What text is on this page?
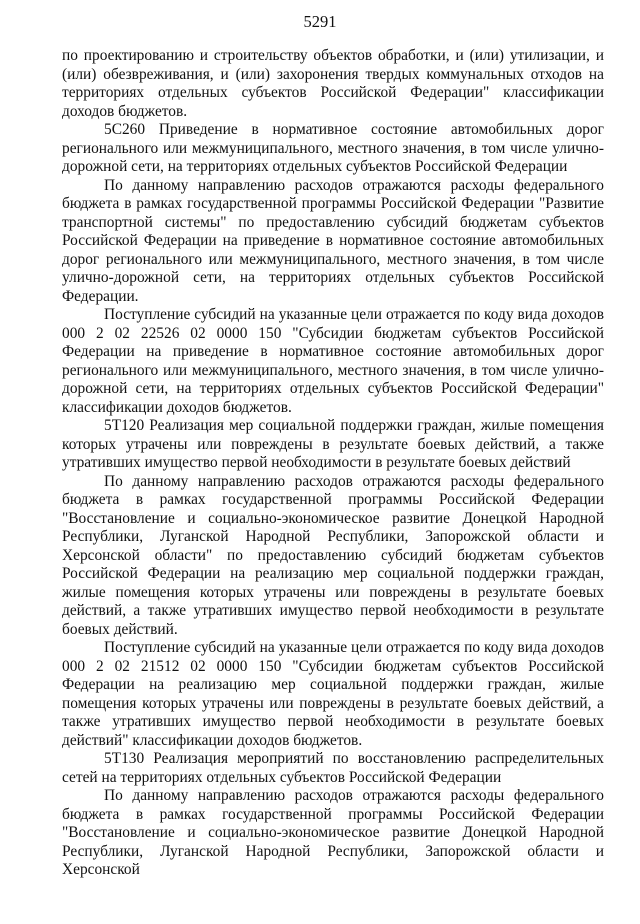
5291

по проектированию и строительству объектов обработки, и (или) утилизации, и (или) обезвреживания, и (или) захоронения твердых коммунальных отходов на территориях отдельных субъектов Российской Федерации" классификации доходов бюджетов.

5С260 Приведение в нормативное состояние автомобильных дорог регионального или межмуниципального, местного значения, в том числе улично-дорожной сети, на территориях отдельных субъектов Российской Федерации

По данному направлению расходов отражаются расходы федерального бюджета в рамках государственной программы Российской Федерации "Развитие транспортной системы" по предоставлению субсидий бюджетам субъектов Российской Федерации на приведение в нормативное состояние автомобильных дорог регионального или межмуниципального, местного значения, в том числе улично-дорожной сети, на территориях отдельных субъектов Российской Федерации.

Поступление субсидий на указанные цели отражается по коду вида доходов 000 2 02 22526 02 0000 150 "Субсидии бюджетам субъектов Российской Федерации на приведение в нормативное состояние автомобильных дорог регионального или межмуниципального, местного значения, в том числе улично-дорожной сети, на территориях отдельных субъектов Российской Федерации" классификации доходов бюджетов.

5Т120 Реализация мер социальной поддержки граждан, жилые помещения которых утрачены или повреждены в результате боевых действий, а также утративших имущество первой необходимости в результате боевых действий

По данному направлению расходов отражаются расходы федерального бюджета в рамках государственной программы Российской Федерации "Восстановление и социально-экономическое развитие Донецкой Народной Республики, Луганской Народной Республики, Запорожской области и Херсонской области" по предоставлению субсидий бюджетам субъектов Российской Федерации на реализацию мер социальной поддержки граждан, жилые помещения которых утрачены или повреждены в результате боевых действий, а также утративших имущество первой необходимости в результате боевых действий.

Поступление субсидий на указанные цели отражается по коду вида доходов 000 2 02 21512 02 0000 150 "Субсидии бюджетам субъектов Российской Федерации на реализацию мер социальной поддержки граждан, жилые помещения которых утрачены или повреждены в результате боевых действий, а также утративших имущество первой необходимости в результате боевых действий" классификации доходов бюджетов.

5Т130 Реализация мероприятий по восстановлению распределительных сетей на территориях отдельных субъектов Российской Федерации

По данному направлению расходов отражаются расходы федерального бюджета в рамках государственной программы Российской Федерации "Восстановление и социально-экономическое развитие Донецкой Народной Республики, Луганской Народной Республики, Запорожской области и Херсонской
